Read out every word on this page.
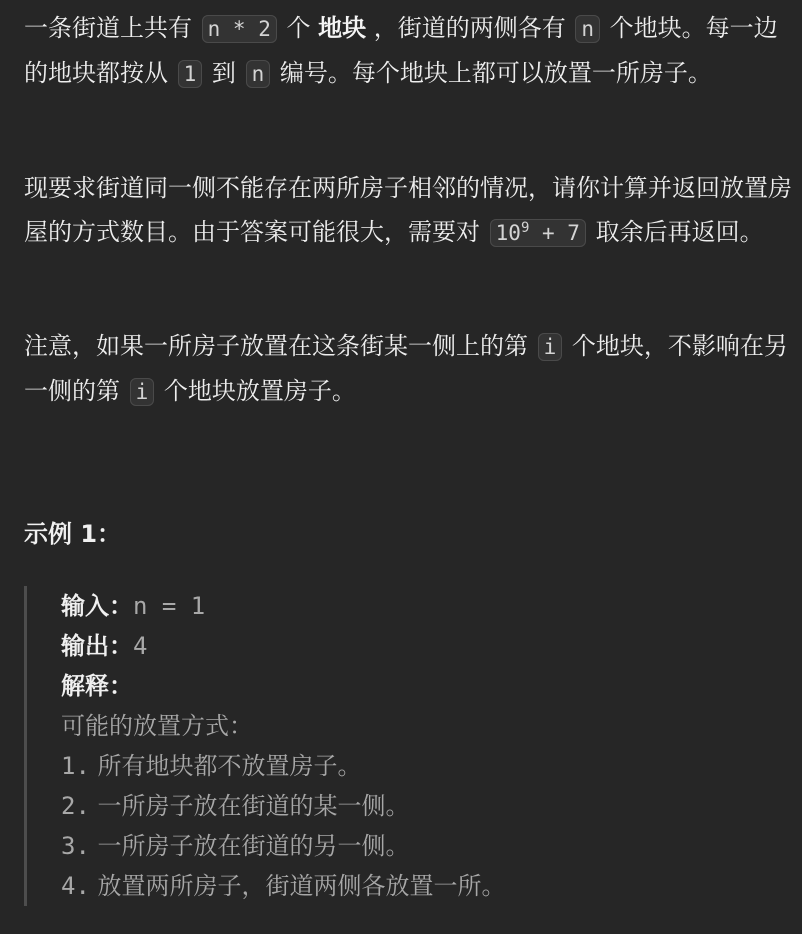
一条街道上共有 n * 2 个 地块 ，街道的两侧各有 n 个地块。每一边的地块都按从 1 到 n 编号。每个地块上都可以放置一所房子。

现要求街道同一侧不能存在两所房子相邻的情况，请你计算并返回放置房屋的方式数目。由于答案可能很大，需要对 $10^9 + 7$ 取余后再返回。

注意，如果一所房子放置在这条街某一侧上的第 i 个地块，不影响在另一侧的第 i 个地块放置房子。

示例 1：

输入：n = 1
输出：4
解释：
可能的放置方式：
1. 所有地块都不放置房子。
2. 一所房子放在街道的某一侧。
3. 一所房子放在街道的另一侧。
4. 放置两所房子，街道两侧各放置一所。
